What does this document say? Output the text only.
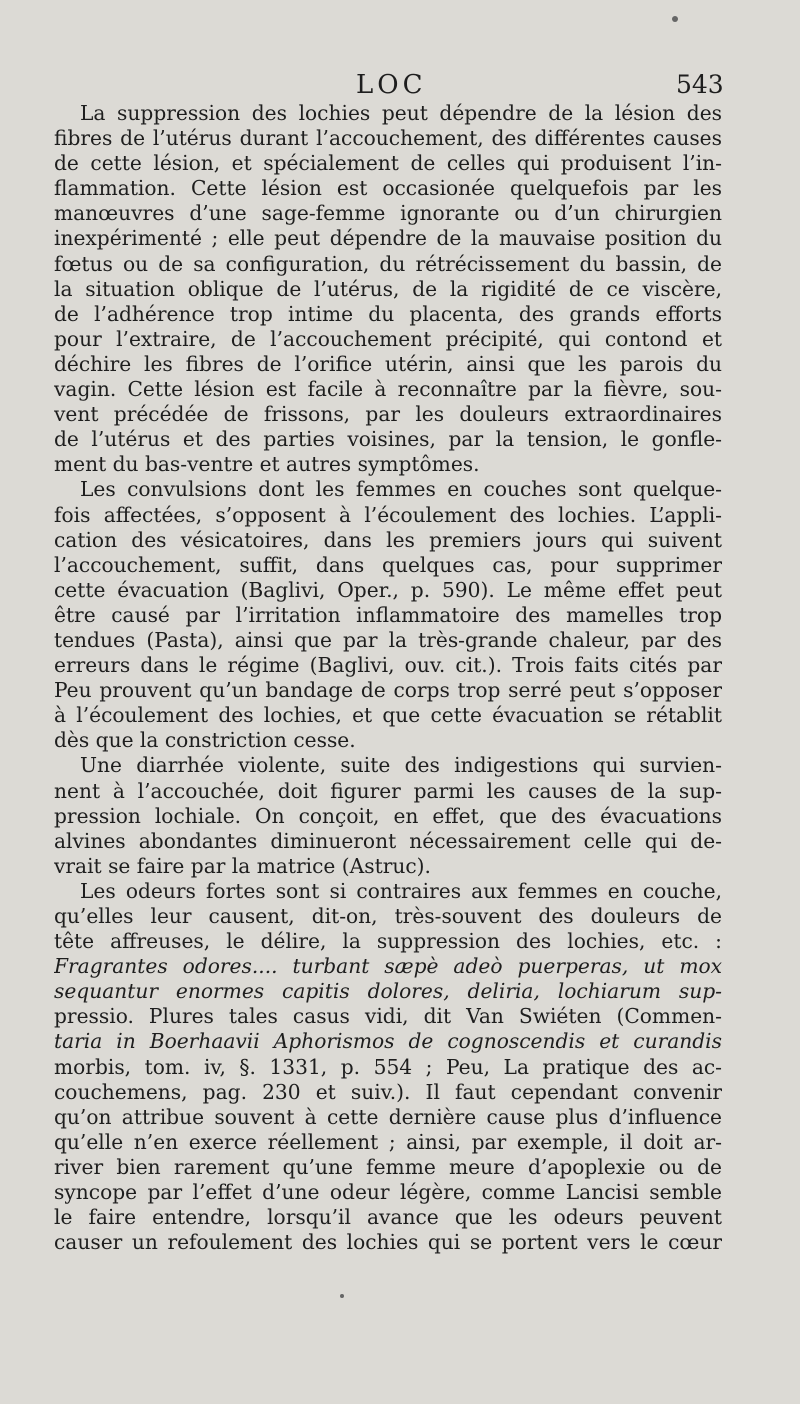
LOC	543
La suppression des lochies peut dépendre de la lésion des
fibres de l’utérus durant l’accouchement, des différentes causes
de cette lésion, et spécialement de celles qui produisent l’in-
flammation. Cette lésion est occasionée quelquefois par les
manœuvres d’une sage-femme ignorante ou d’un chirurgien
inexpérimenté ; elle peut dépendre de la mauvaise position du
fœtus ou de sa configuration, du rétrécissement du bassin, de
la situation oblique de l’utérus, de la rigidité de ce viscère,
de l’adhérence trop intime du placenta, des grands efforts
pour l’extraire, de l’accouchement précipité, qui contond et
déchire les fibres de l’orifice utérin, ainsi que les parois du
vagin. Cette lésion est facile à reconnaître par la fièvre, sou-
vent précédée de frissons, par les douleurs extraordinaires
de l’utérus et des parties voisines, par la tension, le gonfle-
ment du bas-ventre et autres symptômes.
Les convulsions dont les femmes en couches sont quelque-
fois affectées, s’opposent à l’écoulement des lochies. L’appli-
cation des vésicatoires, dans les premiers jours qui suivent
l’accouchement, suffit, dans quelques cas, pour supprimer
cette évacuation (Baglivi, Oper., p. 590). Le même effet peut
être causé par l’irritation inflammatoire des mamelles trop
tendues (Pasta), ainsi que par la très-grande chaleur, par des
erreurs dans le régime (Baglivi, ouv. cit.). Trois faits cités par
Peu prouvent qu’un bandage de corps trop serré peut s’opposer
à l’écoulement des lochies, et que cette évacuation se rétablit
dès que la constriction cesse.
Une diarrhée violente, suite des indigestions qui survien-
nent à l’accouchée, doit figurer parmi les causes de la sup-
pression lochiale. On conçoit, en effet, que des évacuations
alvines abondantes diminueront nécessairement celle qui de-
vrait se faire par la matrice (Astruc).
Les odeurs fortes sont si contraires aux femmes en couche,
qu’elles leur causent, dit-on, très-souvent des douleurs de
tête affreuses, le délire, la suppression des lochies, etc. :
Fragrantes odores.... turbant sæpè adeò puerperas, ut mox
sequantur enormes capitis dolores, deliria, lochiarum sup-
pressio. Plures tales casus vidi, dit Van Swiéten (Commen-
taria in Boerhaavii Aphorismos de cognoscendis et curandis
morbis, tom. iv, §. 1331, p. 554 ; Peu, La pratique des ac-
couchemens, pag. 230 et suiv.). Il faut cependant convenir
qu’on attribue souvent à cette dernière cause plus d’influence
qu’elle n’en exerce réellement ; ainsi, par exemple, il doit ar-
river bien rarement qu’une femme meure d’apoplexie ou de
syncope par l’effet d’une odeur légère, comme Lancisi semble
le faire entendre, lorsqu’il avance que les odeurs peuvent
causer un refoulement des lochies qui se portent vers le cœur
